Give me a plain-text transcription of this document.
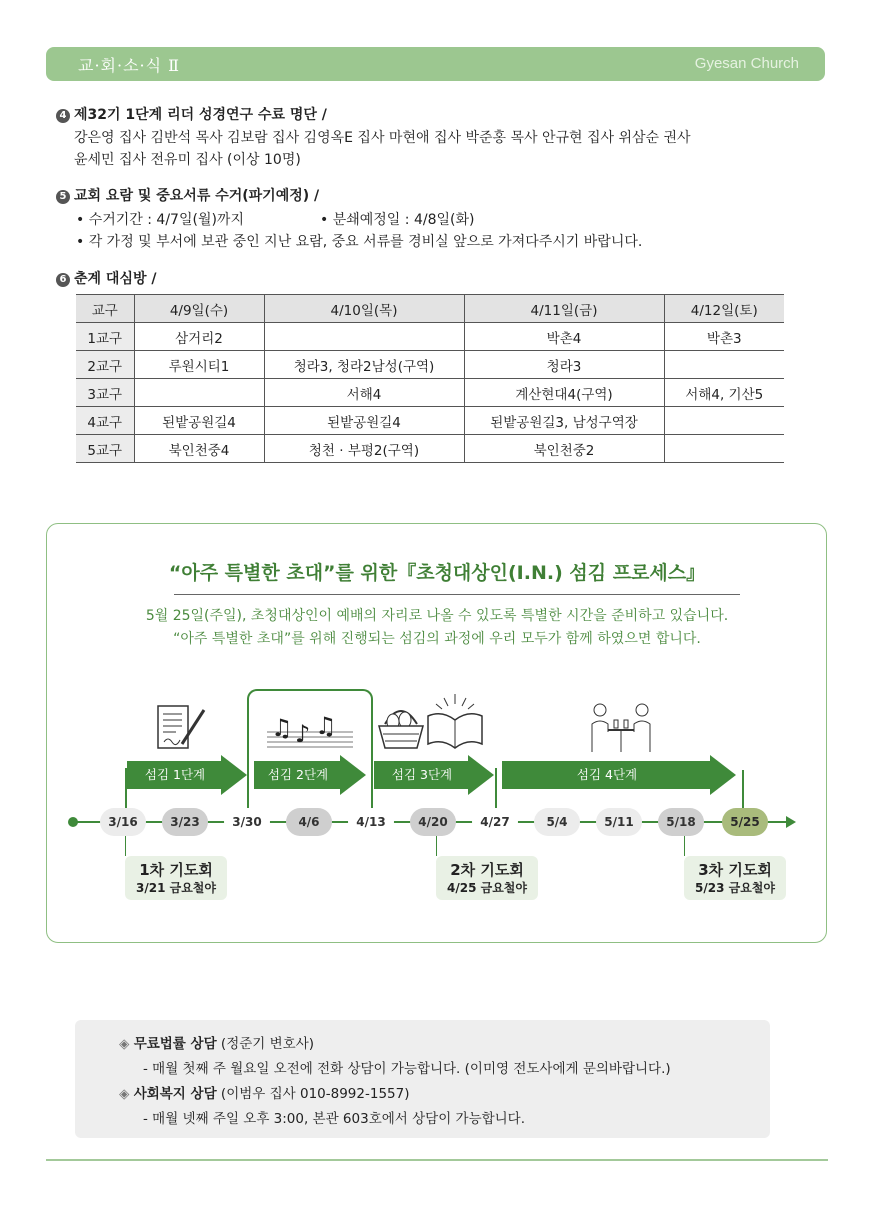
교·회·소·식 Ⅱ	Gyesan Church
4 제32기 1단계 리더 성경연구 수료 명단 /
강은영 집사 김반석 목사 김보람 집사 김영옥E 집사 마현애 집사 박준홍 목사 안규현 집사 위삼순 권사
윤세민 집사 전유미 집사 (이상 10명)
5 교회 요람 및 중요서류 수거(파기예정) /
• 수거기간 : 4/7일(월)까지	• 분쇄예정일 : 4/8일(화)
• 각 가정 및 부서에 보관 중인 지난 요람, 중요 서류를 경비실 앞으로 가져다주시기 바랍니다.
6 춘계 대심방 /
교구	4/9일(수)	4/10일(목)	4/11일(금)	4/12일(토)
1교구	삼거리2		박촌4	박촌3
2교구	루원시티1	청라3, 청라2남성(구역)	청라3	
3교구		서해4	계산현대4(구역)	서해4, 기산5
4교구	된밭공원길4	된밭공원길4	된밭공원길3, 남성구역장	
5교구	북인천중4	청천 · 부평2(구역)	북인천중2	
“아주 특별한 초대”를 위한『초청대상인(I.N.) 섬김 프로세스』
5월 25일(주일), 초청대상인이 예배의 자리로 나올 수 있도록 특별한 시간을 준비하고 있습니다.
“아주 특별한 초대”를 위해 진행되는 섬김의 과정에 우리 모두가 함께 하였으면 합니다.
♫ ♪ ♫
섬김 1단계	섬김 2단계	섬김 3단계	섬김 4단계
3/16	3/23	3/30	4/6	4/13	4/20	4/27	5/4	5/11	5/18	5/25
1차 기도회
3/21 금요철야
2차 기도회
4/25 금요철야
3차 기도회
5/23 금요철야
◈ 무료법률 상담 (정준기 변호사)
- 매월 첫째 주 월요일 오전에 전화 상담이 가능합니다. (이미영 전도사에게 문의바랍니다.)
◈ 사회복지 상담 (이범우 집사 010-8992-1557)
- 매월 넷째 주일 오후 3:00, 본관 603호에서 상담이 가능합니다.
